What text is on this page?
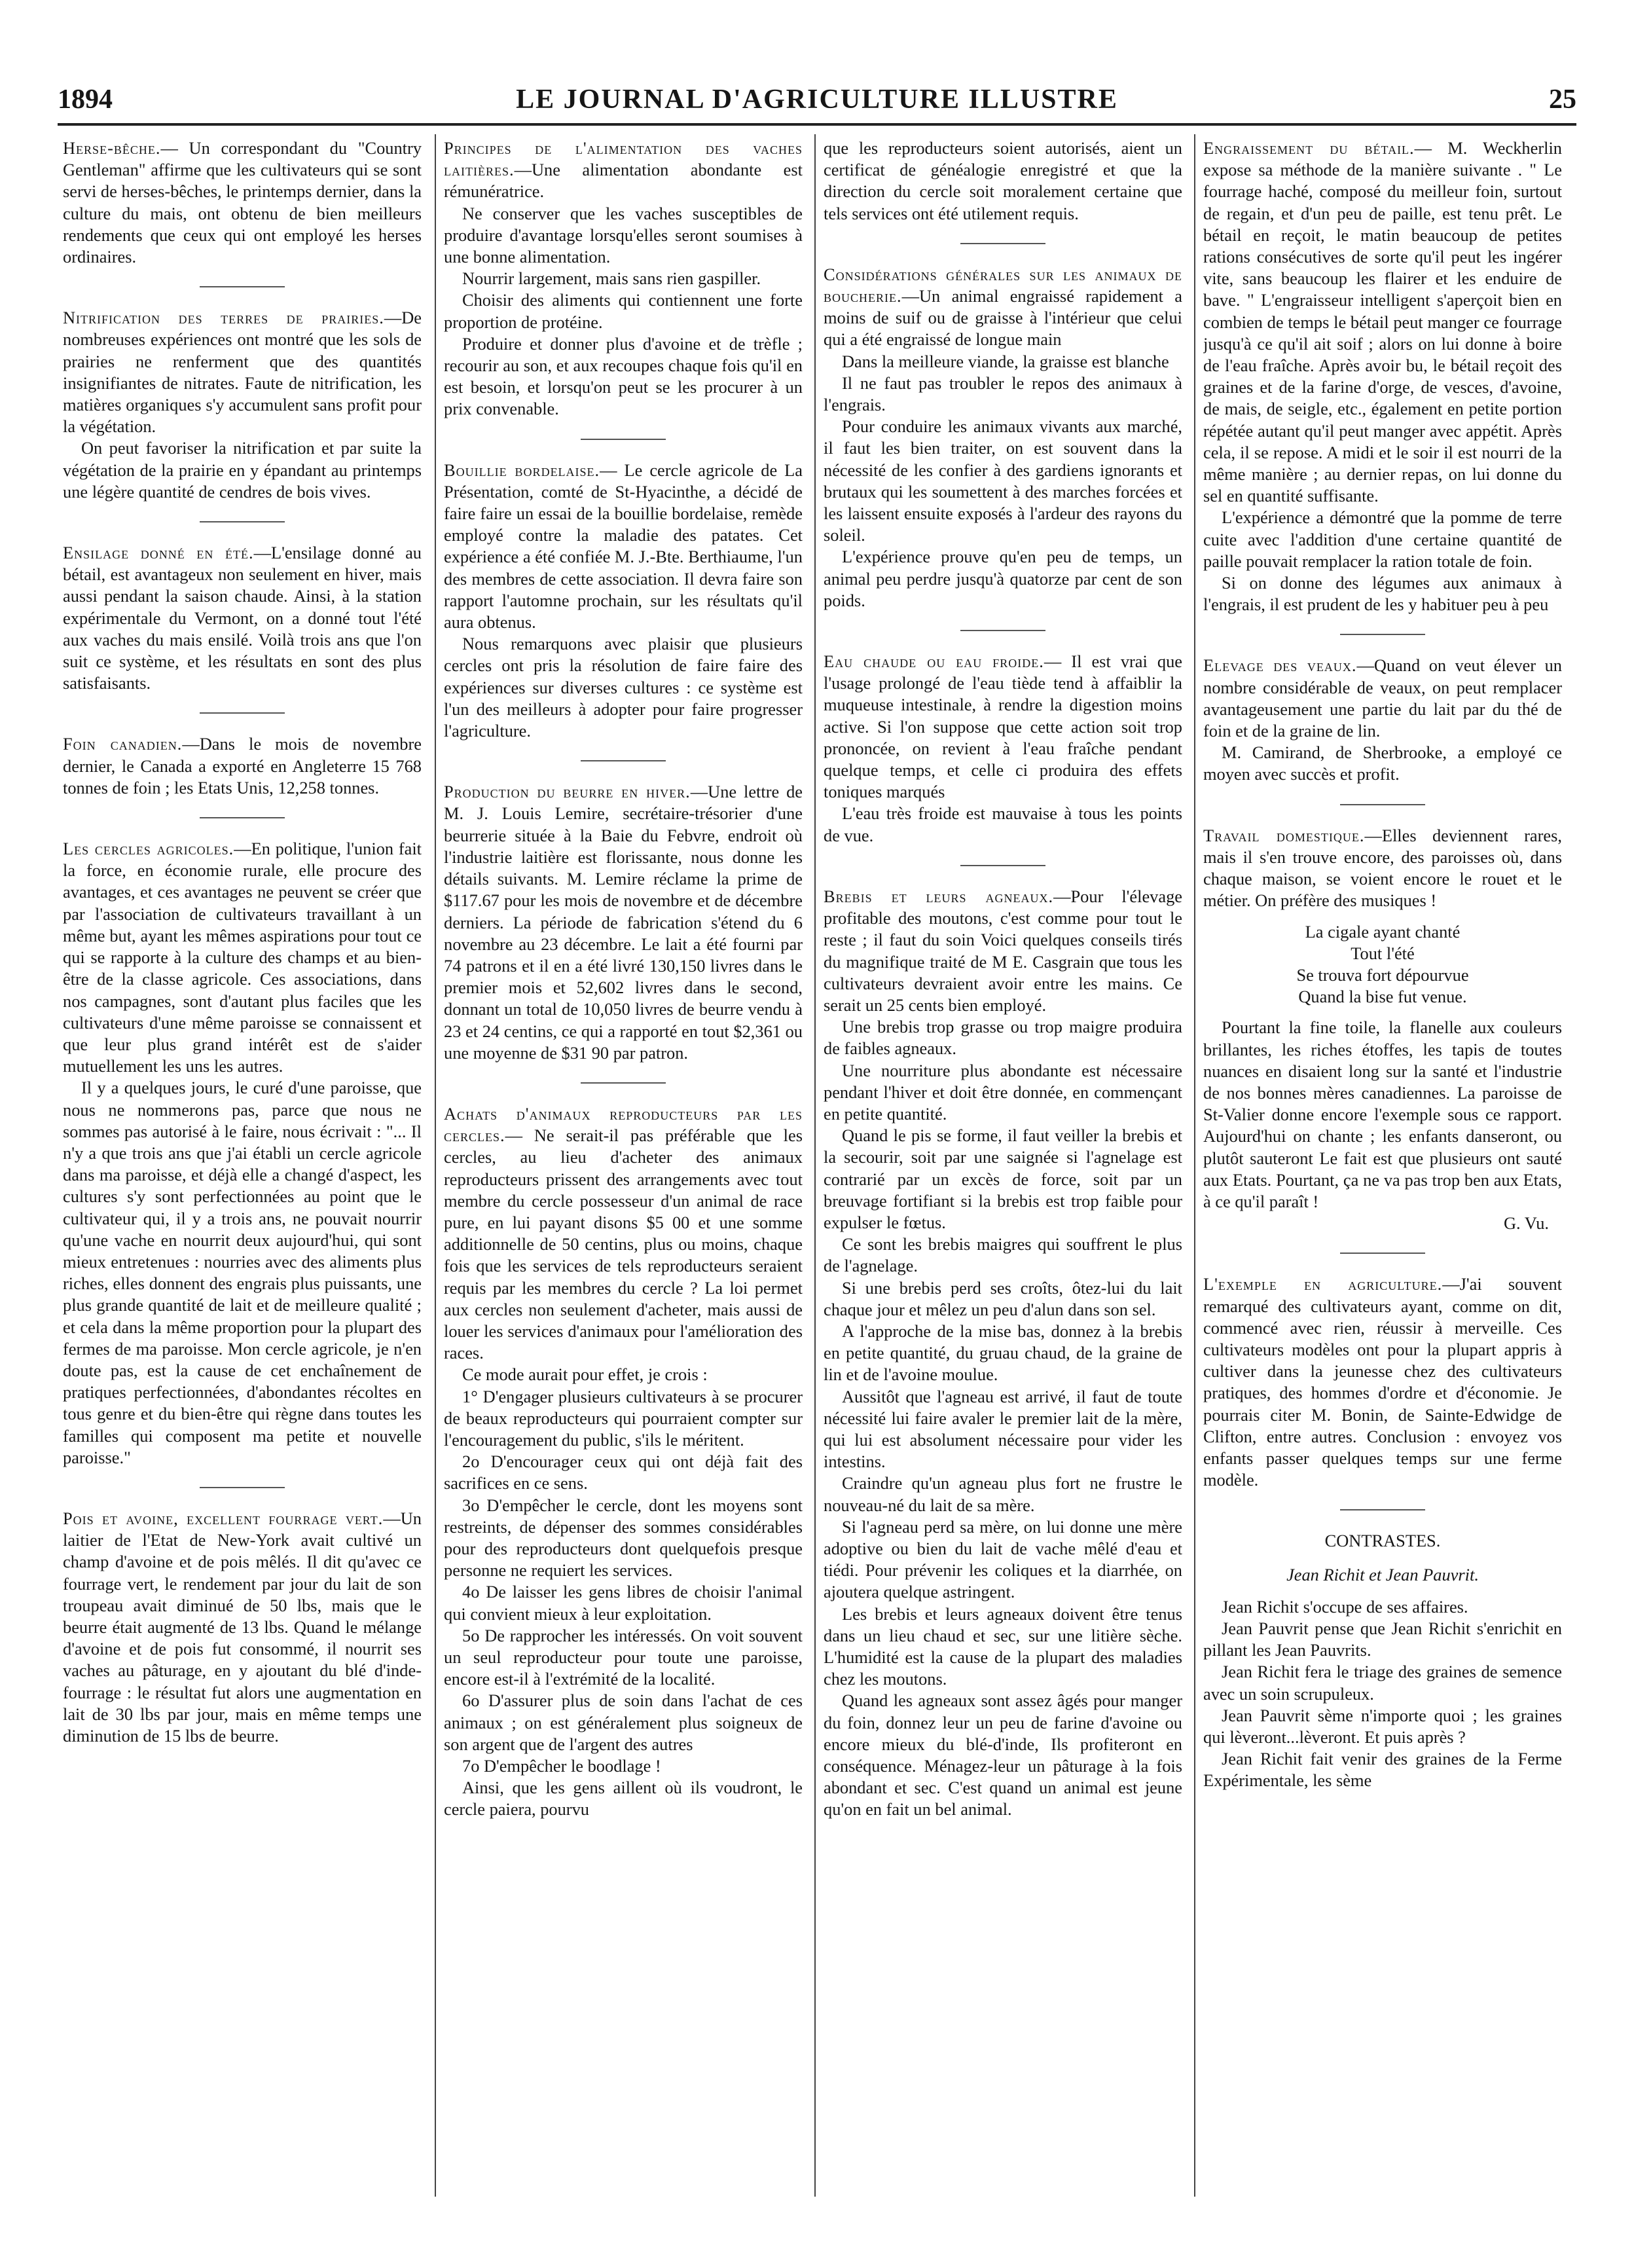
1894	LE JOURNAL D'AGRICULTURE ILLUSTRE	25

Herse-bêche.— Un correspondant du "Country Gentleman" affirme que les cultivateurs qui se sont servi de herses-bêches, le printemps dernier, dans la culture du mais, ont obtenu de bien meilleurs rendements que ceux qui ont employé les herses ordinaires.

Nitrification des terres de prairies.—De nombreuses expériences ont montré que les sols de prairies ne renferment que des quantités insignifiantes de nitrates. Faute de nitrification, les matières organiques s'y accumulent sans profit pour la végétation.

On peut favoriser la nitrification et par suite la végétation de la prairie en y épandant au printemps une légère quantité de cendres de bois vives.

Ensilage donné en été.—L'ensilage donné au bétail, est avantageux non seulement en hiver, mais aussi pendant la saison chaude. Ainsi, à la station expérimentale du Vermont, on a donné tout l'été aux vaches du mais ensilé. Voilà trois ans que l'on suit ce système, et les résultats en sont des plus satisfaisants.

Foin canadien.—Dans le mois de novembre dernier, le Canada a exporté en Angleterre 15 768 tonnes de foin ; les Etats Unis, 12,258 tonnes.

Les cercles agricoles.—En politique, l'union fait la force, en économie rurale, elle procure des avantages, et ces avantages ne peuvent se créer que par l'association de cultivateurs travaillant à un même but, ayant les mêmes aspirations pour tout ce qui se rapporte à la culture des champs et au bien-être de la classe agricole. Ces associations, dans nos campagnes, sont d'autant plus faciles que les cultivateurs d'une même paroisse se connaissent et que leur plus grand intérêt est de s'aider mutuellement les uns les autres.

Il y a quelques jours, le curé d'une paroisse, que nous ne nommerons pas, parce que nous ne sommes pas autorisé à le faire, nous écrivait : "... Il n'y a que trois ans que j'ai établi un cercle agricole dans ma paroisse, et déjà elle a changé d'aspect, les cultures s'y sont perfectionnées au point que le cultivateur qui, il y a trois ans, ne pouvait nourrir qu'une vache en nourrit deux aujourd'hui, qui sont mieux entretenues : nourries avec des aliments plus riches, elles donnent des engrais plus puissants, une plus grande quantité de lait et de meilleure qualité ; et cela dans la même proportion pour la plupart des fermes de ma paroisse. Mon cercle agricole, je n'en doute pas, est la cause de cet enchaînement de pratiques perfectionnées, d'abondantes récoltes en tous genre et du bien-être qui règne dans toutes les familles qui composent ma petite et nouvelle paroisse."

Pois et avoine, excellent fourrage vert.—Un laitier de l'Etat de New-York avait cultivé un champ d'avoine et de pois mêlés. Il dit qu'avec ce fourrage vert, le rendement par jour du lait de son troupeau avait diminué de 50 lbs, mais que le beurre était augmenté de 13 lbs. Quand le mélange d'avoine et de pois fut consommé, il nourrit ses vaches au pâturage, en y ajoutant du blé d'inde-fourrage : le résultat fut alors une augmentation en lait de 30 lbs par jour, mais en même temps une diminution de 15 lbs de beurre.

Principes de l'alimentation des vaches laitières.—Une alimentation abondante est rémunératrice.

Ne conserver que les vaches susceptibles de produire d'avantage lorsqu'elles seront soumises à une bonne alimentation.

Nourrir largement, mais sans rien gaspiller.

Choisir des aliments qui contiennent une forte proportion de protéine.

Produire et donner plus d'avoine et de trèfle ; recourir au son, et aux recoupes chaque fois qu'il en est besoin, et lorsqu'on peut se les procurer à un prix convenable.

Bouillie bordelaise.— Le cercle agricole de La Présentation, comté de St-Hyacinthe, a décidé de faire faire un essai de la bouillie bordelaise, remède employé contre la maladie des patates. Cet expérience a été confiée M. J.-Bte. Berthiaume, l'un des membres de cette association. Il devra faire son rapport l'automne prochain, sur les résultats qu'il aura obtenus.

Nous remarquons avec plaisir que plusieurs cercles ont pris la résolution de faire faire des expériences sur diverses cultures : ce système est l'un des meilleurs à adopter pour faire progresser l'agriculture.

Production du beurre en hiver.—Une lettre de M. J. Louis Lemire, secrétaire-trésorier d'une beurrerie située à la Baie du Febvre, endroit où l'industrie laitière est florissante, nous donne les détails suivants. M. Lemire réclame la prime de $117.67 pour les mois de novembre et de décembre derniers. La période de fabrication s'étend du 6 novembre au 23 décembre. Le lait a été fourni par 74 patrons et il en a été livré 130,150 livres dans le premier mois et 52,602 livres dans le second, donnant un total de 10,050 livres de beurre vendu à 23 et 24 centins, ce qui a rapporté en tout $2,361 ou une moyenne de $31 90 par patron.

Achats d'animaux reproducteurs par les cercles.— Ne serait-il pas préférable que les cercles, au lieu d'acheter des animaux reproducteurs prissent des arrangements avec tout membre du cercle possesseur d'un animal de race pure, en lui payant disons $5 00 et une somme additionnelle de 50 centins, plus ou moins, chaque fois que les services de tels reproducteurs seraient requis par les membres du cercle ? La loi permet aux cercles non seulement d'acheter, mais aussi de louer les services d'animaux pour l'amélioration des races.

Ce mode aurait pour effet, je crois :

1° D'engager plusieurs cultivateurs à se procurer de beaux reproducteurs qui pourraient compter sur l'encouragement du public, s'ils le méritent.

2o D'encourager ceux qui ont déjà fait des sacrifices en ce sens.

3o D'empêcher le cercle, dont les moyens sont restreints, de dépenser des sommes considérables pour des reproducteurs dont quelquefois presque personne ne requiert les services.

4o De laisser les gens libres de choisir l'animal qui convient mieux à leur exploitation.

5o De rapprocher les intéressés. On voit souvent un seul reproducteur pour toute une paroisse, encore est-il à l'extrémité de la localité.

6o D'assurer plus de soin dans l'achat de ces animaux ; on est généralement plus soigneux de son argent que de l'argent des autres

7o D'empêcher le boodlage !

Ainsi, que les gens aillent où ils voudront, le cercle paiera, pourvu

que les reproducteurs soient autorisés, aient un certificat de généalogie enregistré et que la direction du cercle soit moralement certaine que tels services ont été utilement requis.

Considérations générales sur les animaux de boucherie.—Un animal engraissé rapidement a moins de suif ou de graisse à l'intérieur que celui qui a été engraissé de longue main

Dans la meilleure viande, la graisse est blanche

Il ne faut pas troubler le repos des animaux à l'engrais.

Pour conduire les animaux vivants aux marché, il faut les bien traiter, on est souvent dans la nécessité de les confier à des gardiens ignorants et brutaux qui les soumettent à des marches forcées et les laissent ensuite exposés à l'ardeur des rayons du soleil.

L'expérience prouve qu'en peu de temps, un animal peu perdre jusqu'à quatorze par cent de son poids.

Eau chaude ou eau froide.— Il est vrai que l'usage prolongé de l'eau tiède tend à affaiblir la muqueuse intestinale, à rendre la digestion moins active. Si l'on suppose que cette action soit trop prononcée, on revient à l'eau fraîche pendant quelque temps, et celle ci produira des effets toniques marqués

L'eau très froide est mauvaise à tous les points de vue.

Brebis et leurs agneaux.—Pour l'élevage profitable des moutons, c'est comme pour tout le reste ; il faut du soin Voici quelques conseils tirés du magnifique traité de M E. Casgrain que tous les cultivateurs devraient avoir entre les mains. Ce serait un 25 cents bien employé.

Une brebis trop grasse ou trop maigre produira de faibles agneaux.

Une nourriture plus abondante est nécessaire pendant l'hiver et doit être donnée, en commençant en petite quantité.

Quand le pis se forme, il faut veiller la brebis et la secourir, soit par une saignée si l'agnelage est contrarié par un excès de force, soit par un breuvage fortifiant si la brebis est trop faible pour expulser le fœtus.

Ce sont les brebis maigres qui souffrent le plus de l'agnelage.

Si une brebis perd ses croîts, ôtez-lui du lait chaque jour et mêlez un peu d'alun dans son sel.

A l'approche de la mise bas, donnez à la brebis en petite quantité, du gruau chaud, de la graine de lin et de l'avoine moulue.

Aussitôt que l'agneau est arrivé, il faut de toute nécessité lui faire avaler le premier lait de la mère, qui lui est absolument nécessaire pour vider les intestins.

Craindre qu'un agneau plus fort ne frustre le nouveau-né du lait de sa mère.

Si l'agneau perd sa mère, on lui donne une mère adoptive ou bien du lait de vache mêlé d'eau et tiédi. Pour prévenir les coliques et la diarrhée, on ajoutera quelque astringent.

Les brebis et leurs agneaux doivent être tenus dans un lieu chaud et sec, sur une litière sèche. L'humidité est la cause de la plupart des maladies chez les moutons.

Quand les agneaux sont assez âgés pour manger du foin, donnez leur un peu de farine d'avoine ou encore mieux du blé-d'inde, Ils profiteront en conséquence. Ménagez-leur un pâturage à la fois abondant et sec. C'est quand un animal est jeune qu'on en fait un bel animal.

Engraissement du bétail.— M. Weckherlin expose sa méthode de la manière suivante . " Le fourrage haché, composé du meilleur foin, surtout de regain, et d'un peu de paille, est tenu prêt. Le bétail en reçoit, le matin beaucoup de petites rations consécutives de sorte qu'il peut les ingérer vite, sans beaucoup les flairer et les enduire de bave. " L'engraisseur intelligent s'aperçoit bien en combien de temps le bétail peut manger ce fourrage jusqu'à ce qu'il ait soif ; alors on lui donne à boire de l'eau fraîche. Après avoir bu, le bétail reçoit des graines et de la farine d'orge, de vesces, d'avoine, de mais, de seigle, etc., également en petite portion répétée autant qu'il peut manger avec appétit. Après cela, il se repose. A midi et le soir il est nourri de la même manière ; au dernier repas, on lui donne du sel en quantité suffisante.

L'expérience a démontré que la pomme de terre cuite avec l'addition d'une certaine quantité de paille pouvait remplacer la ration totale de foin.

Si on donne des légumes aux animaux à l'engrais, il est prudent de les y habituer peu à peu

Elevage des veaux.—Quand on veut élever un nombre considérable de veaux, on peut remplacer avantageusement une partie du lait par du thé de foin et de la graine de lin.

M. Camirand, de Sherbrooke, a employé ce moyen avec succès et profit.

Travail domestique.—Elles deviennent rares, mais il s'en trouve encore, des paroisses où, dans chaque maison, se voient encore le rouet et le métier. On préfère des musiques !

La cigale ayant chanté
Tout l'été
Se trouva fort dépourvue
Quand la bise fut venue.

Pourtant la fine toile, la flanelle aux couleurs brillantes, les riches étoffes, les tapis de toutes nuances en disaient long sur la santé et l'industrie de nos bonnes mères canadiennes. La paroisse de St-Valier donne encore l'exemple sous ce rapport. Aujourd'hui on chante ; les enfants danseront, ou plutôt sauteront Le fait est que plusieurs ont sauté aux Etats. Pourtant, ça ne va pas trop ben aux Etats, à ce qu'il paraît !

G. Vu.

L'exemple en agriculture.—J'ai souvent remarqué des cultivateurs ayant, comme on dit, commencé avec rien, réussir à merveille. Ces cultivateurs modèles ont pour la plupart appris à cultiver dans la jeunesse chez des cultivateurs pratiques, des hommes d'ordre et d'économie. Je pourrais citer M. Bonin, de Sainte-Edwidge de Clifton, entre autres. Conclusion : envoyez vos enfants passer quelques temps sur une ferme modèle.

CONTRASTES.

Jean Richit et Jean Pauvrit.

Jean Richit s'occupe de ses affaires.

Jean Pauvrit pense que Jean Richit s'enrichit en pillant les Jean Pauvrits.

Jean Richit fera le triage des graines de semence avec un soin scrupuleux.

Jean Pauvrit sème n'importe quoi ; les graines qui lèveront...lèveront. Et puis après ?

Jean Richit fait venir des graines de la Ferme Expérimentale, les sème
